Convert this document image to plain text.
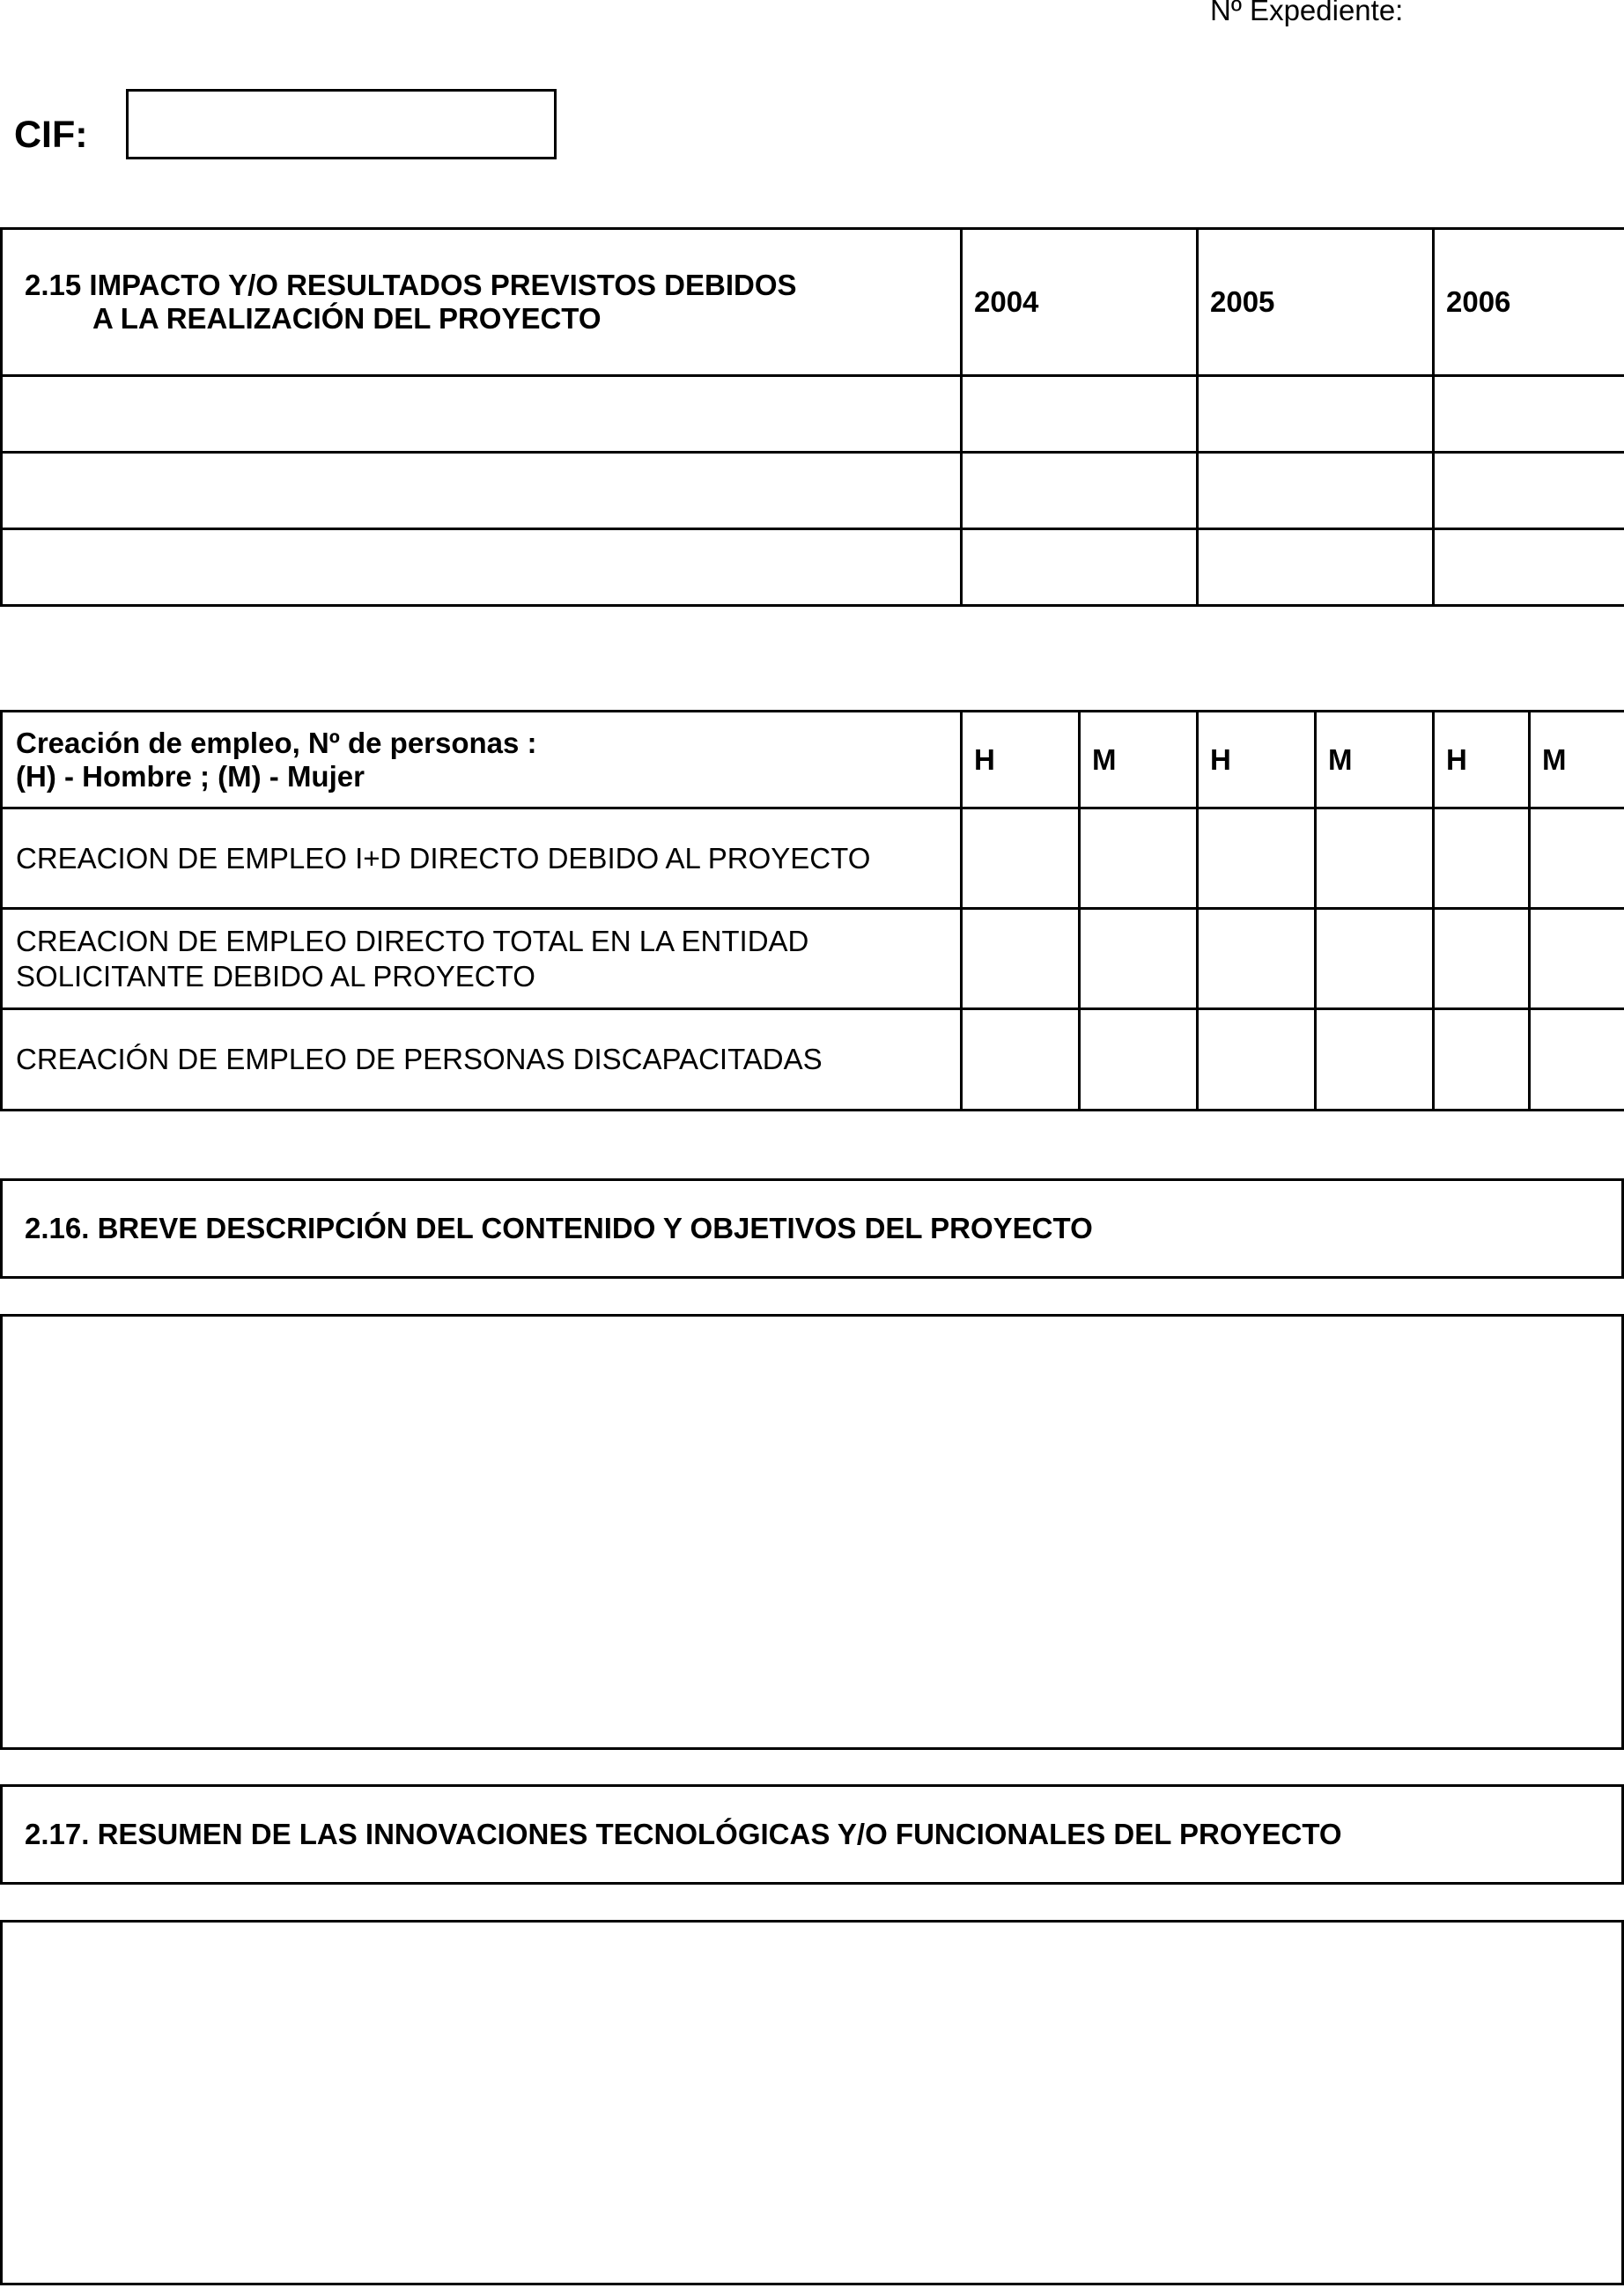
Nº Expediente:
CIF:
2.15 IMPACTO Y/O RESULTADOS PREVISTOS DEBIDOS
A LA REALIZACIÓN DEL PROYECTO	2004	2005	2006

Creación de empleo, Nº de personas :
(H) - Hombre ; (M) - Mujer	H	M	H	M	H	M
CREACION DE EMPLEO I+D DIRECTO DEBIDO AL PROYECTO						
CREACION DE EMPLEO DIRECTO TOTAL EN LA ENTIDAD
SOLICITANTE DEBIDO AL PROYECTO						
CREACIÓN DE EMPLEO DE PERSONAS DISCAPACITADAS						
2.16. BREVE DESCRIPCIÓN DEL CONTENIDO Y OBJETIVOS DEL PROYECTO
2.17. RESUMEN DE LAS INNOVACIONES TECNOLÓGICAS Y/O FUNCIONALES DEL PROYECTO
